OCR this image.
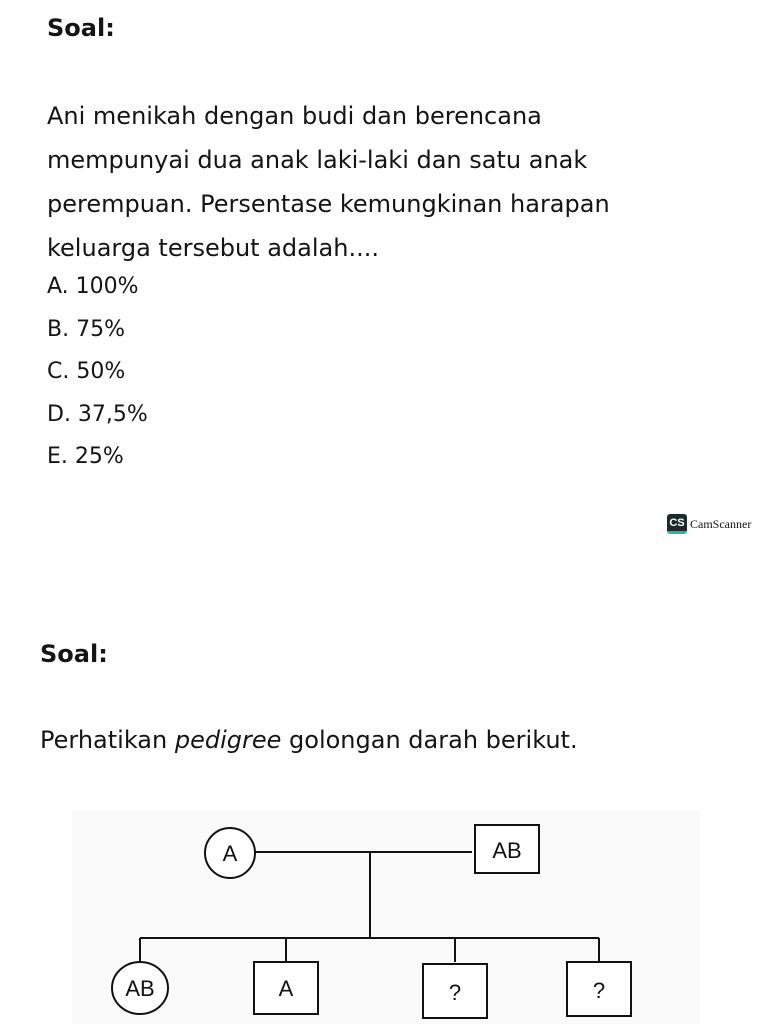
Soal:
Ani menikah dengan budi dan berencana
mempunyai dua anak laki-laki dan satu anak
perempuan. Persentase kemungkinan harapan
keluarga tersebut adalah....
A. 100%
B. 75%
C. 50%
D. 37,5%
E. 25%
CS CamScanner
Soal:
Perhatikan pedigree golongan darah berikut.
A	AB
AB	A	?	?
